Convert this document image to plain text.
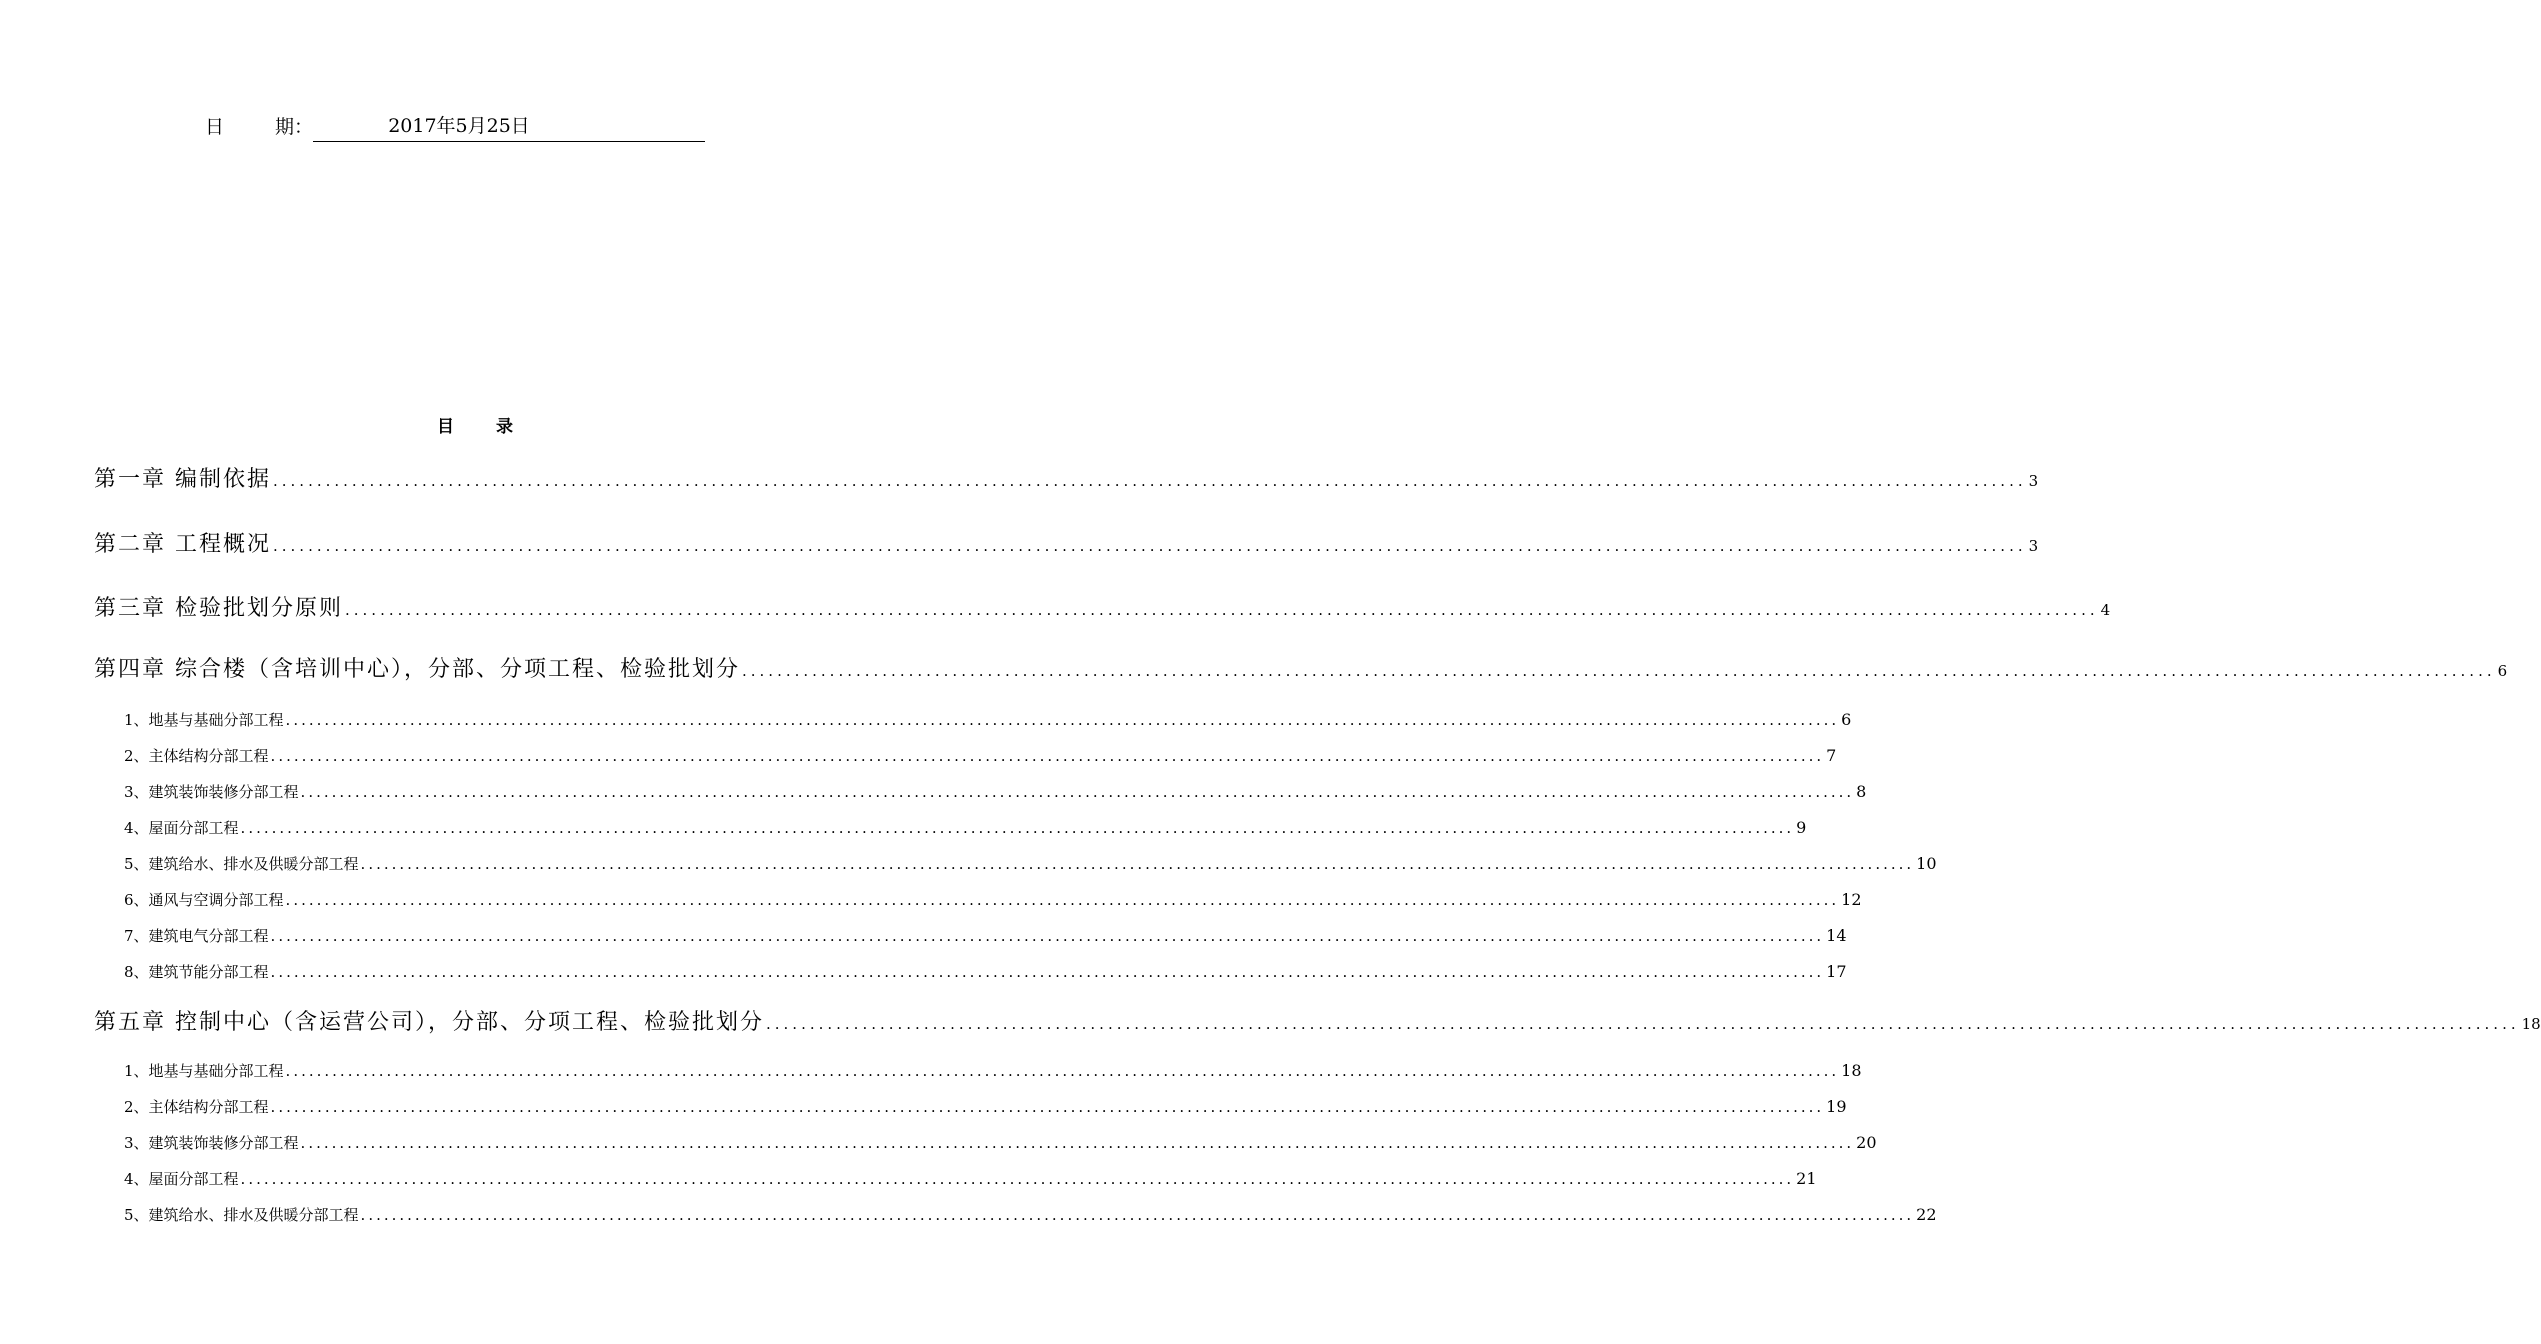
日	期：	2017年5月25日
目 录
第一章 编制依据 ........................................................................................................................................................................................................ 3
第二章 工程概况 ........................................................................................................................................................................................................ 3
第三章 检验批划分原则 ........................................................................................................................................................................................................ 4
第四章 综合楼（含培训中心），分部、分项工程、检验批划分 ........................................................................................................................................................................................................ 6
1、地基与基础分部工程 ........................................................................................................................................................................................................ 6
2、主体结构分部工程 ........................................................................................................................................................................................................ 7
3、建筑装饰装修分部工程 ........................................................................................................................................................................................................ 8
4、屋面分部工程 ........................................................................................................................................................................................................ 9
5、建筑给水、排水及供暖分部工程 ........................................................................................................................................................................................................ 10
6、通风与空调分部工程 ........................................................................................................................................................................................................ 12
7、建筑电气分部工程 ........................................................................................................................................................................................................ 14
8、建筑节能分部工程 ........................................................................................................................................................................................................ 17
第五章 控制中心（含运营公司），分部、分项工程、检验批划分 ........................................................................................................................................................................................................ 18
1、地基与基础分部工程 ........................................................................................................................................................................................................ 18
2、主体结构分部工程 ........................................................................................................................................................................................................ 19
3、建筑装饰装修分部工程 ........................................................................................................................................................................................................ 20
4、屋面分部工程 ........................................................................................................................................................................................................ 21
5、建筑给水、排水及供暖分部工程 ........................................................................................................................................................................................................ 22
